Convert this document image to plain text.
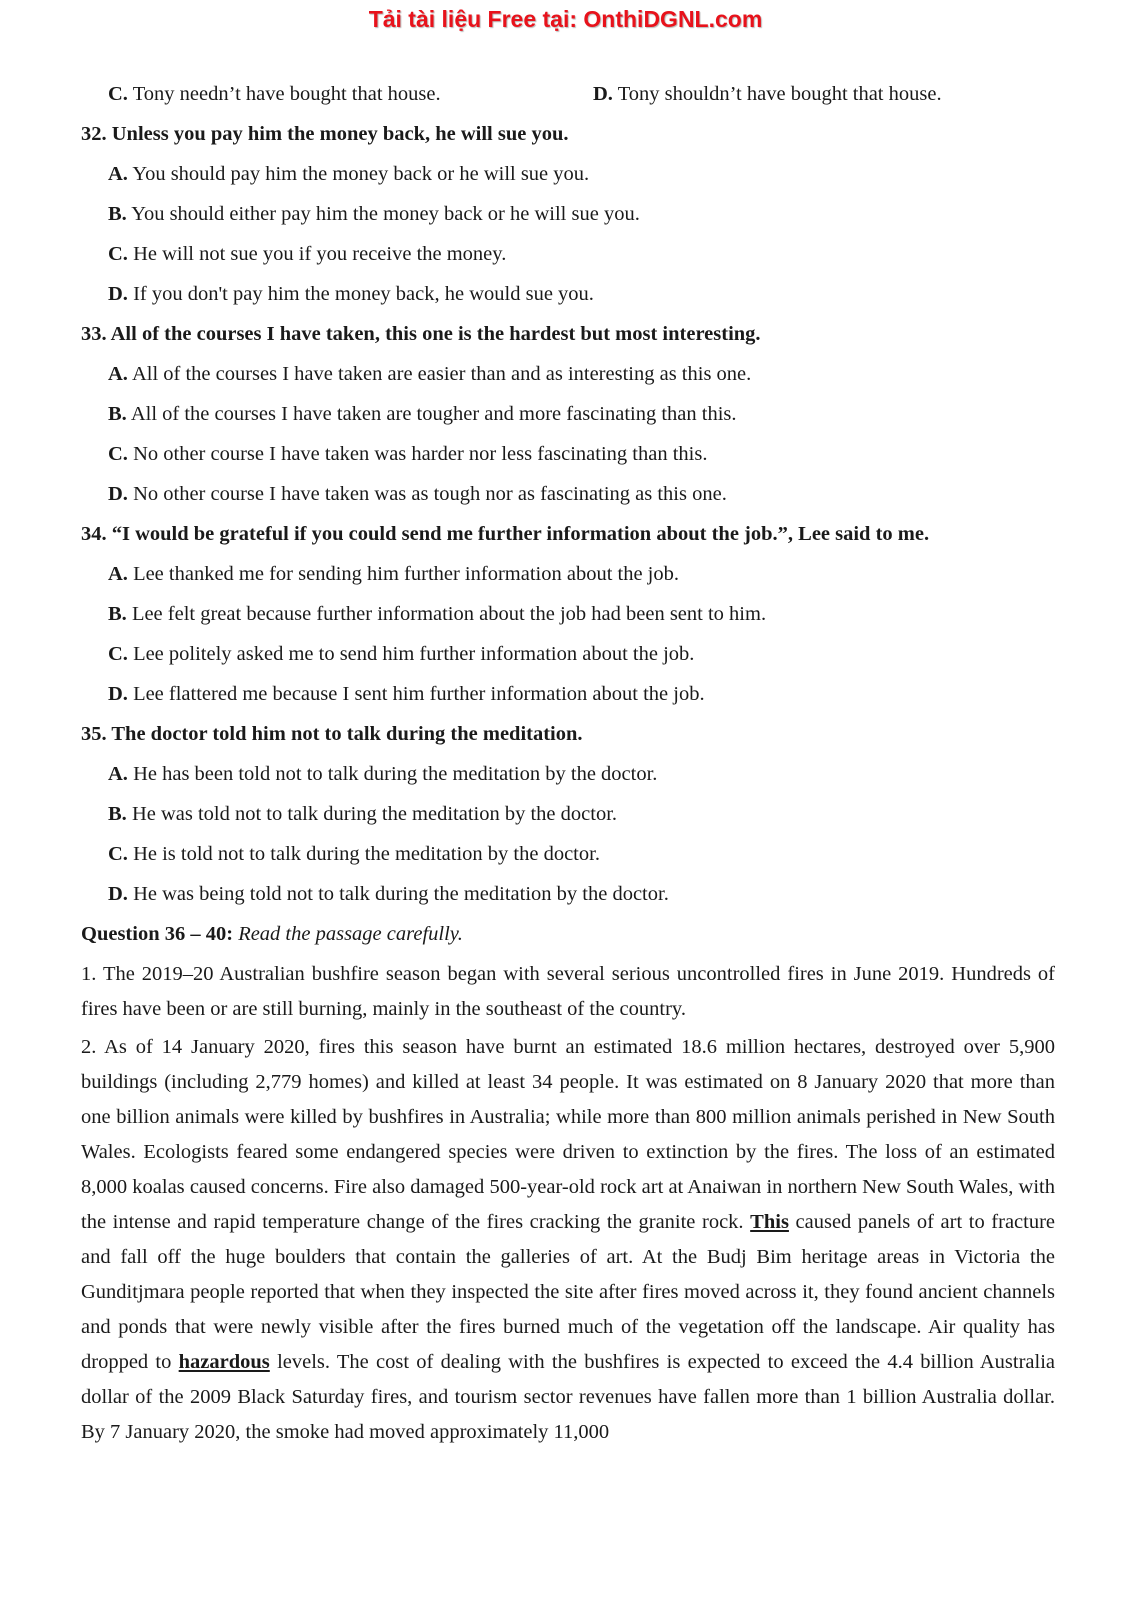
Tải tài liệu Free tại: OnthiDGNL.com
C. Tony needn’t have bought that house.	D. Tony shouldn’t have bought that house.
32. Unless you pay him the money back, he will sue you.
A. You should pay him the money back or he will sue you.
B. You should either pay him the money back or he will sue you.
C. He will not sue you if you receive the money.
D. If you don't pay him the money back, he would sue you.
33. All of the courses I have taken, this one is the hardest but most interesting.
A. All of the courses I have taken are easier than and as interesting as this one.
B. All of the courses I have taken are tougher and more fascinating than this.
C. No other course I have taken was harder nor less fascinating than this.
D. No other course I have taken was as tough nor as fascinating as this one.
34. “I would be grateful if you could send me further information about the job.”, Lee said to me.
A. Lee thanked me for sending him further information about the job.
B. Lee felt great because further information about the job had been sent to him.
C. Lee politely asked me to send him further information about the job.
D. Lee flattered me because I sent him further information about the job.
35. The doctor told him not to talk during the meditation.
A. He has been told not to talk during the meditation by the doctor.
B. He was told not to talk during the meditation by the doctor.
C. He is told not to talk during the meditation by the doctor.
D. He was being told not to talk during the meditation by the doctor.
Question 36 – 40: Read the passage carefully.
1. The 2019–20 Australian bushfire season began with several serious uncontrolled fires in June 2019. Hundreds of fires have been or are still burning, mainly in the southeast of the country.
2. As of 14 January 2020, fires this season have burnt an estimated 18.6 million hectares, destroyed over 5,900 buildings (including 2,779 homes) and killed at least 34 people. It was estimated on 8 January 2020 that more than one billion animals were killed by bushfires in Australia; while more than 800 million animals perished in New South Wales. Ecologists feared some endangered species were driven to extinction by the fires. The loss of an estimated 8,000 koalas caused concerns. Fire also damaged 500-year-old rock art at Anaiwan in northern New South Wales, with the intense and rapid temperature change of the fires cracking the granite rock. This caused panels of art to fracture and fall off the huge boulders that contain the galleries of art. At the Budj Bim heritage areas in Victoria the Gunditjmara people reported that when they inspected the site after fires moved across it, they found ancient channels and ponds that were newly visible after the fires burned much of the vegetation off the landscape. Air quality has dropped to hazardous levels. The cost of dealing with the bushfires is expected to exceed the 4.4 billion Australia dollar of the 2009 Black Saturday fires, and tourism sector revenues have fallen more than 1 billion Australia dollar. By 7 January 2020, the smoke had moved approximately 11,000
